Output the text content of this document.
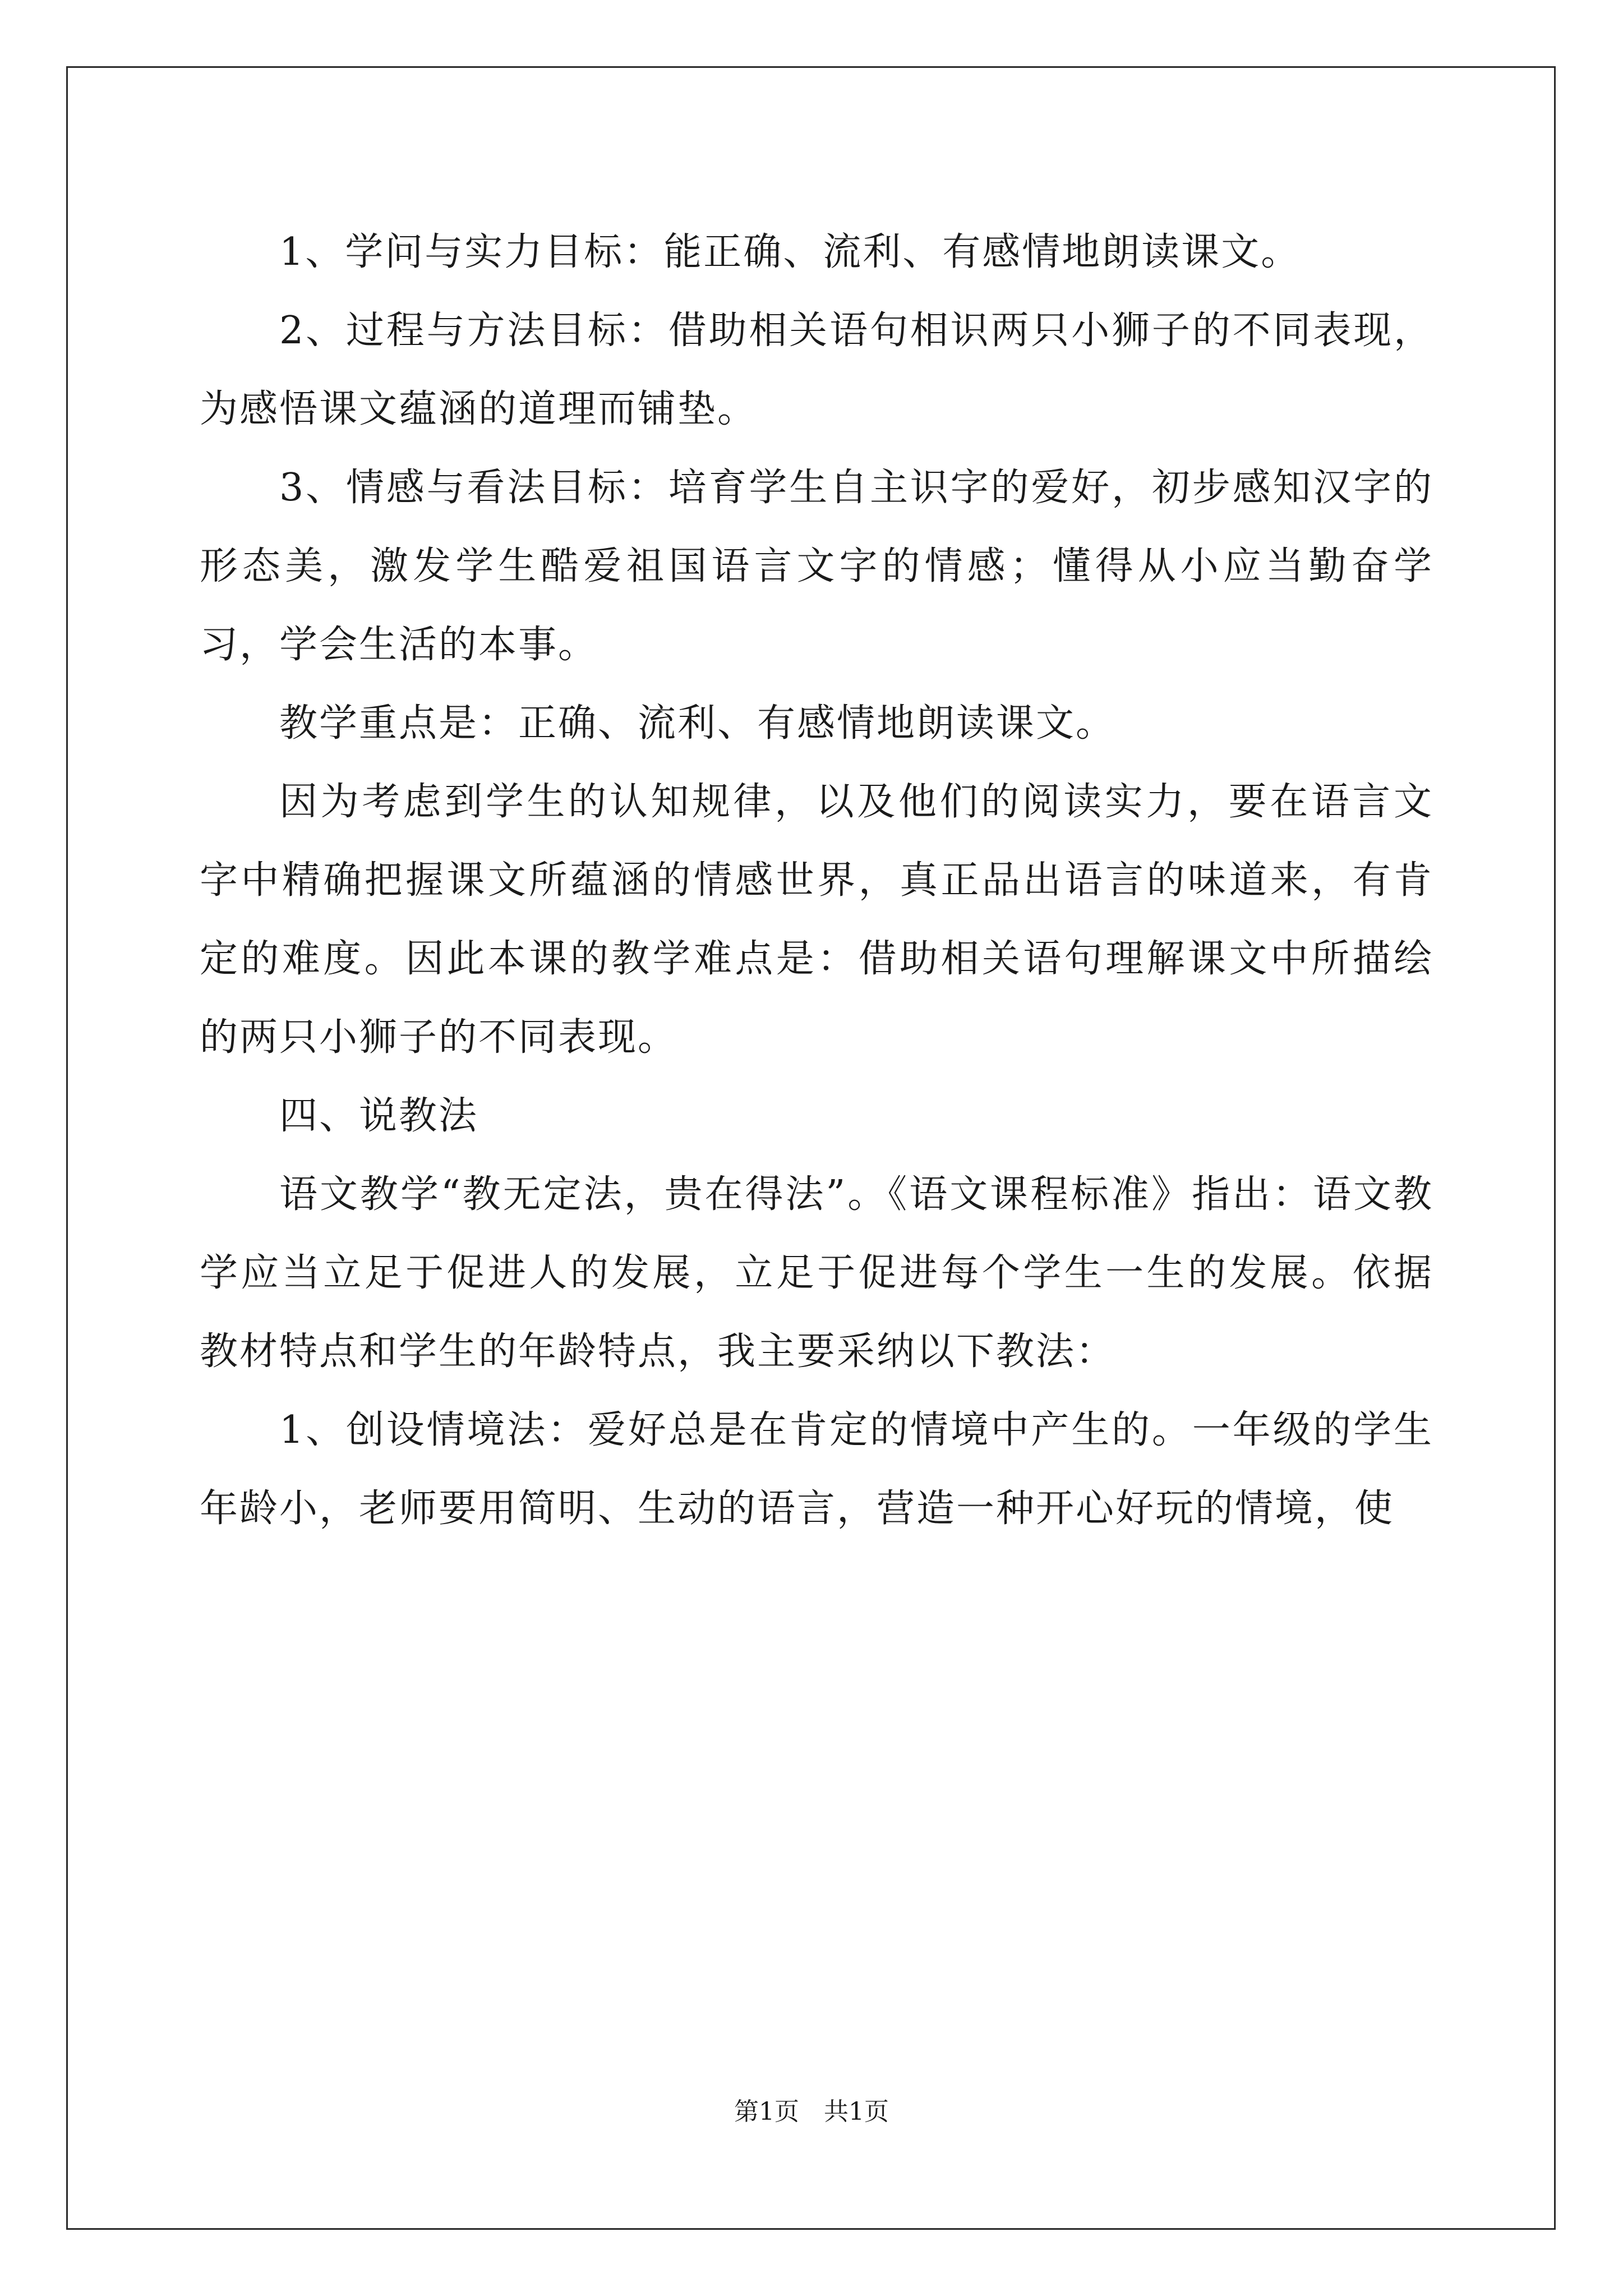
1、学问与实力目标：能正确、流利、有感情地朗读课文。

2、过程与方法目标：借助相关语句相识两只小狮子的不同表现，为感悟课文蕴涵的道理而铺垫。

3、情感与看法目标：培育学生自主识字的爱好，初步感知汉字的形态美，激发学生酷爱祖国语言文字的情感；懂得从小应当勤奋学习，学会生活的本事。

教学重点是：正确、流利、有感情地朗读课文。

因为考虑到学生的认知规律，以及他们的阅读实力，要在语言文字中精确把握课文所蕴涵的情感世界，真正品出语言的味道来，有肯定的难度。因此本课的教学难点是：借助相关语句理解课文中所描绘的两只小狮子的不同表现。

四、说教法

语文教学“教无定法，贵在得法”。《语文课程标准》指出：语文教学应当立足于促进人的发展，立足于促进每个学生一生的发展。依据教材特点和学生的年龄特点，我主要采纳以下教法：

1、创设情境法：爱好总是在肯定的情境中产生的。一年级的学生年龄小，老师要用简明、生动的语言，营造一种开心好玩的情境，使

第1页　共1页
